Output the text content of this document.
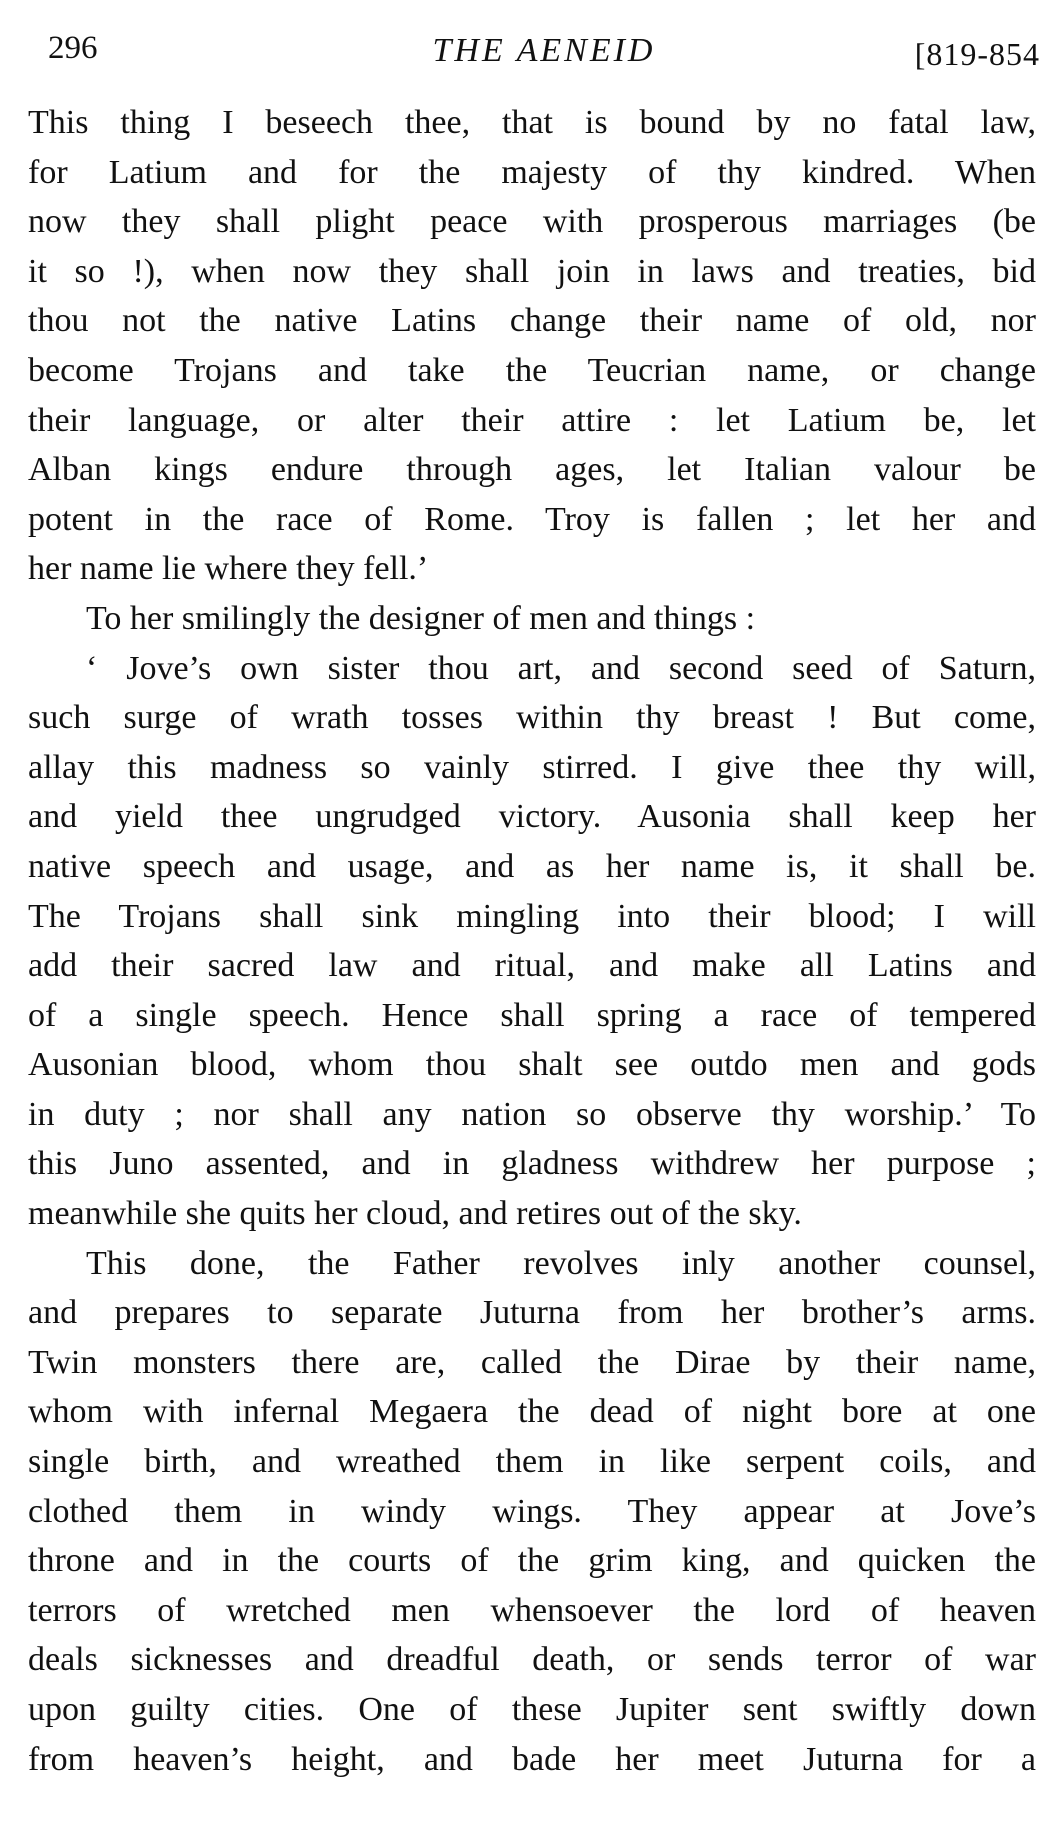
296	THE AENEID	[819-854
This thing I beseech thee, that is bound by no fatal law,
for Latium and for the majesty of thy kindred. When
now they shall plight peace with prosperous marriages (be
it so !), when now they shall join in laws and treaties, bid
thou not the native Latins change their name of old, nor
become Trojans and take the Teucrian name, or change
their language, or alter their attire : let Latium be, let
Alban kings endure through ages, let Italian valour be
potent in the race of Rome. Troy is fallen ; let her and
her name lie where they fell.’
To her smilingly the designer of men and things :
‘ Jove’s own sister thou art, and second seed of Saturn,
such surge of wrath tosses within thy breast ! But come,
allay this madness so vainly stirred. I give thee thy will,
and yield thee ungrudged victory. Ausonia shall keep her
native speech and usage, and as her name is, it shall be.
The Trojans shall sink mingling into their blood; I will
add their sacred law and ritual, and make all Latins and
of a single speech. Hence shall spring a race of tempered
Ausonian blood, whom thou shalt see outdo men and gods
in duty ; nor shall any nation so observe thy worship.’ To
this Juno assented, and in gladness withdrew her purpose ;
meanwhile she quits her cloud, and retires out of the sky.
This done, the Father revolves inly another counsel,
and prepares to separate Juturna from her brother’s arms.
Twin monsters there are, called the Dirae by their name,
whom with infernal Megaera the dead of night bore at one
single birth, and wreathed them in like serpent coils, and
clothed them in windy wings. They appear at Jove’s
throne and in the courts of the grim king, and quicken the
terrors of wretched men whensoever the lord of heaven
deals sicknesses and dreadful death, or sends terror of war
upon guilty cities. One of these Jupiter sent swiftly down
from heaven’s height, and bade her meet Juturna for a
